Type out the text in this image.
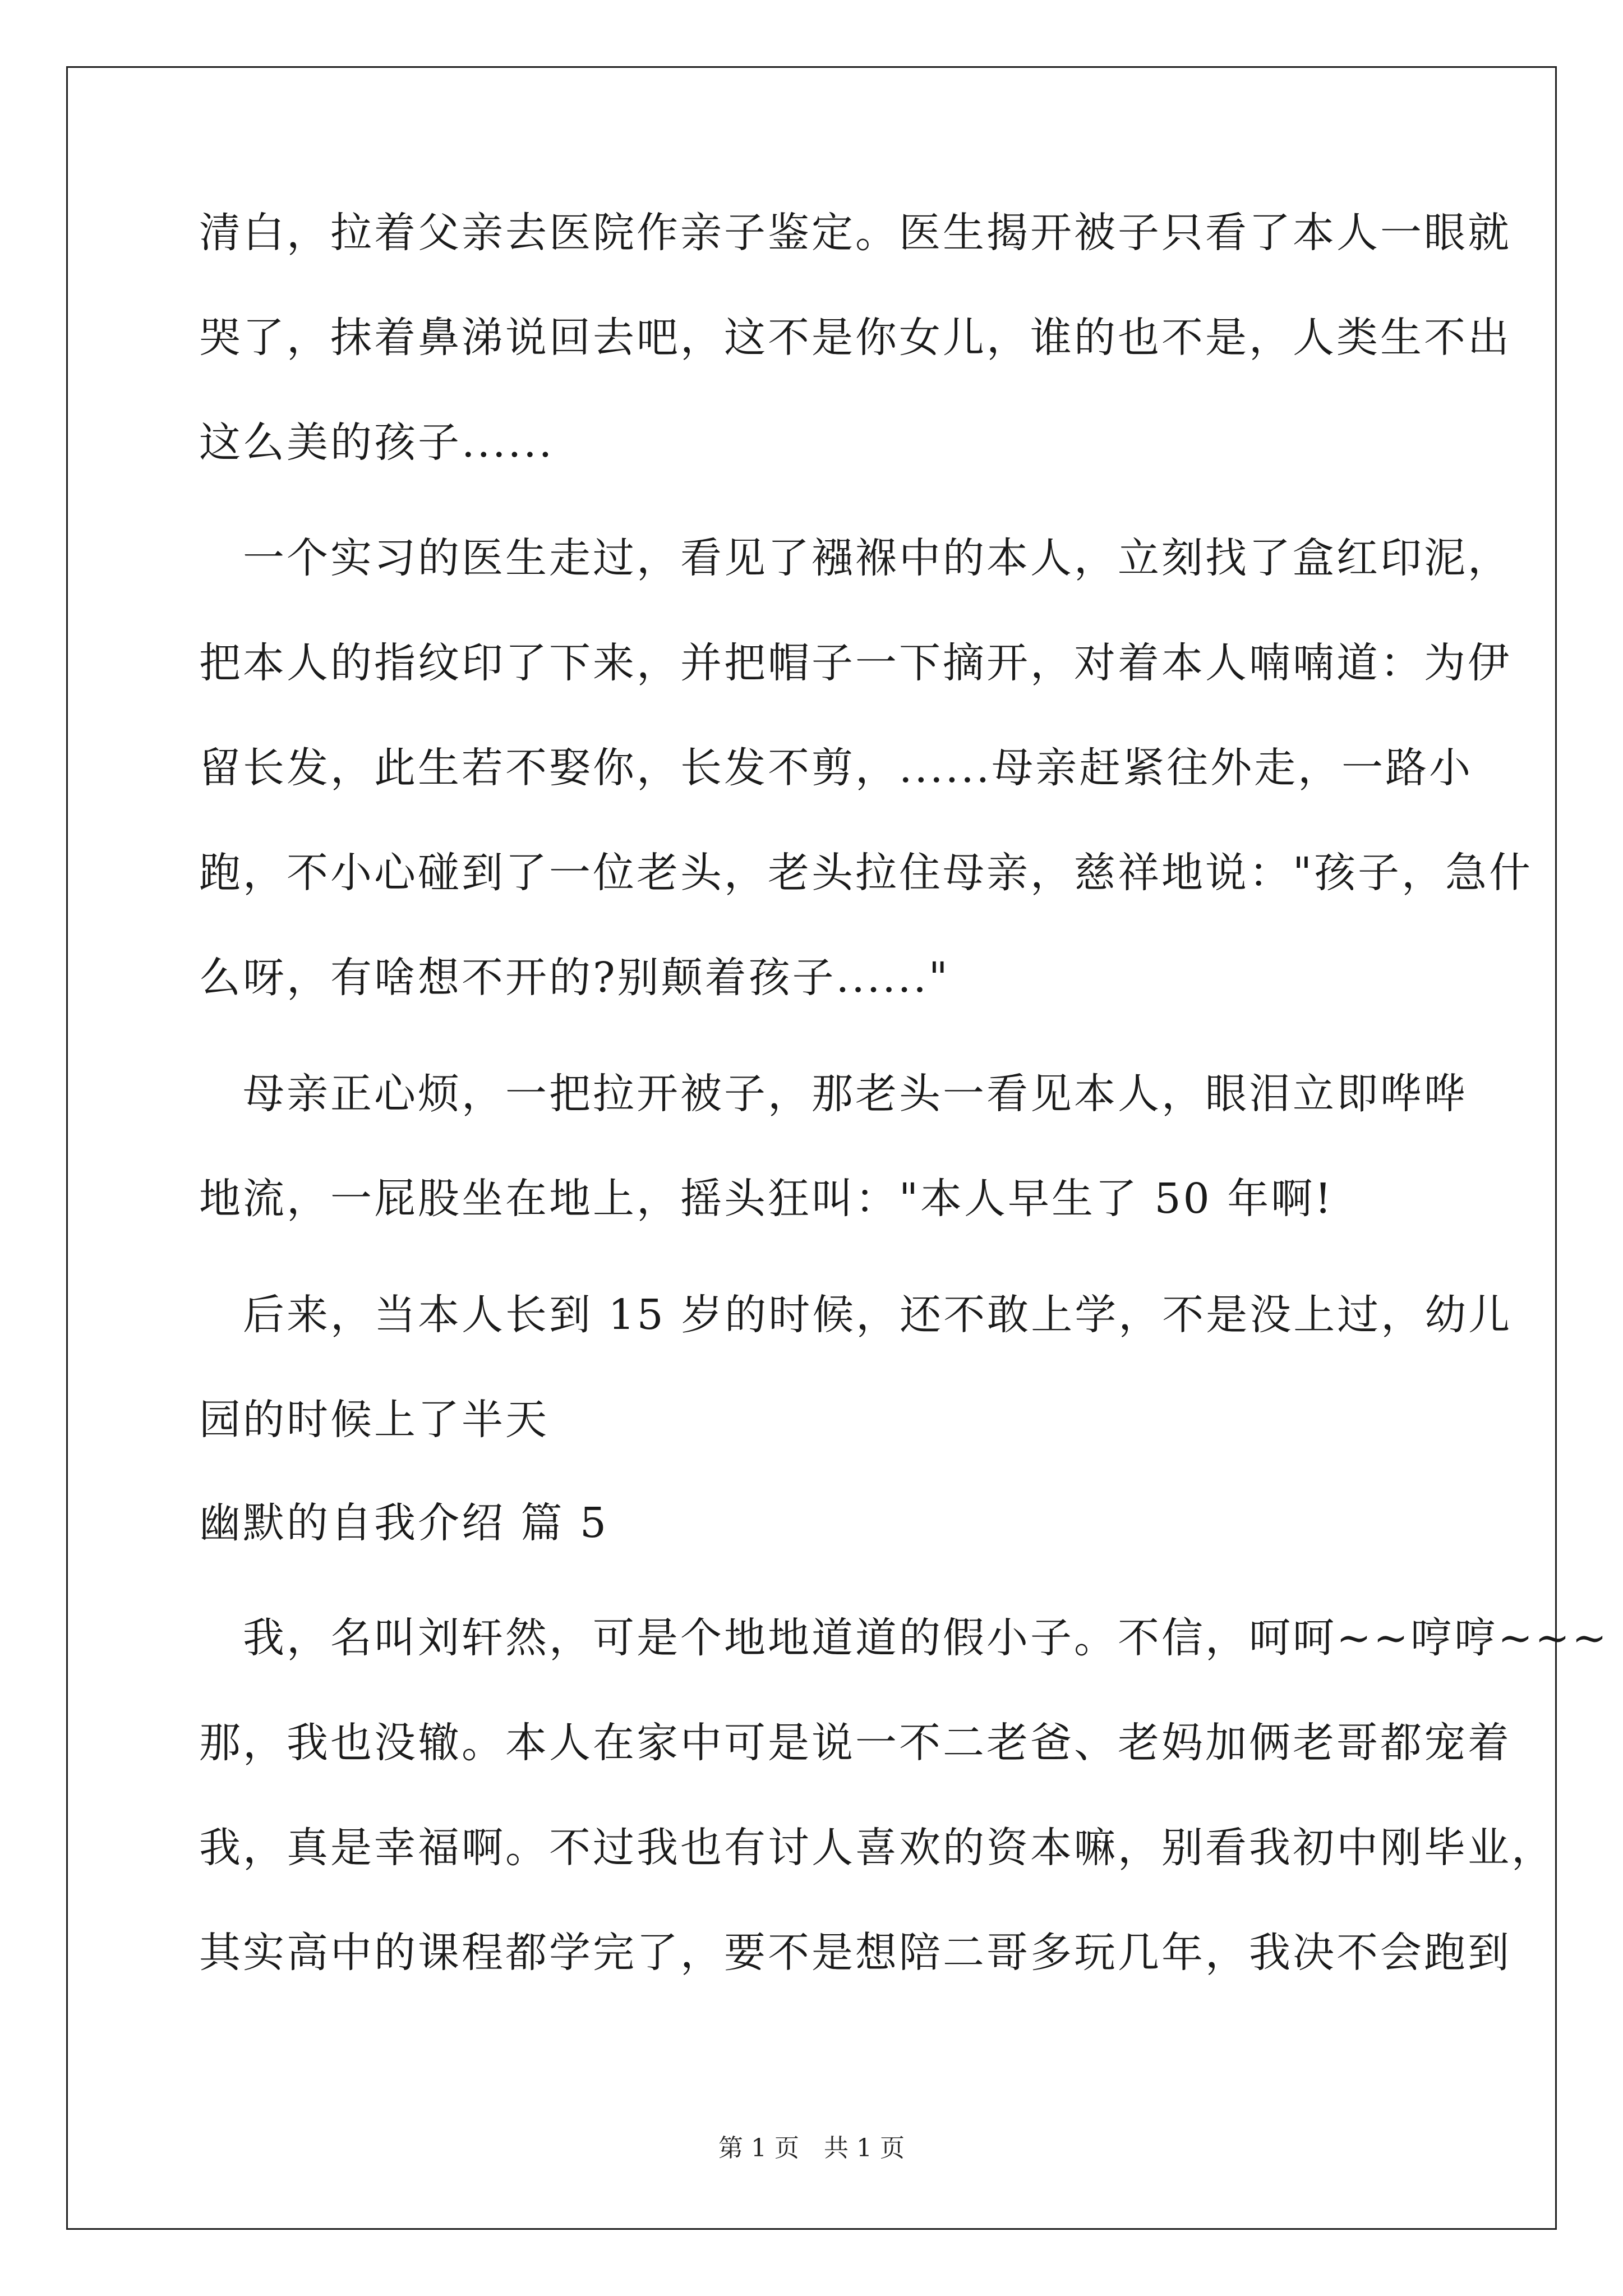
清白，拉着父亲去医院作亲子鉴定。医生揭开被子只看了本人一眼就
哭了，抹着鼻涕说回去吧，这不是你女儿，谁的也不是，人类生不出
这么美的孩子......
　一个实习的医生走过，看见了襁褓中的本人，立刻找了盒红印泥，
把本人的指纹印了下来，并把帽子一下摘开，对着本人喃喃道：为伊
留长发，此生若不娶你，长发不剪，......母亲赶紧往外走，一路小
跑，不小心碰到了一位老头，老头拉住母亲，慈祥地说："孩子，急什
么呀，有啥想不开的?别颠着孩子......"
　母亲正心烦，一把拉开被子，那老头一看见本人，眼泪立即哗哗
地流，一屁股坐在地上，摇头狂叫："本人早生了 50 年啊!
　后来，当本人长到 15 岁的时候，还不敢上学，不是没上过，幼儿
园的时候上了半天
幽默的自我介绍 篇 5
　我，名叫刘轩然，可是个地地道道的假小子。不信，呵呵~~哼哼~~~
那，我也没辙。本人在家中可是说一不二老爸、老妈加俩老哥都宠着
我，真是幸福啊。不过我也有讨人喜欢的资本嘛，别看我初中刚毕业，
其实高中的课程都学完了，要不是想陪二哥多玩几年，我决不会跑到
第 1 页　共 1 页
